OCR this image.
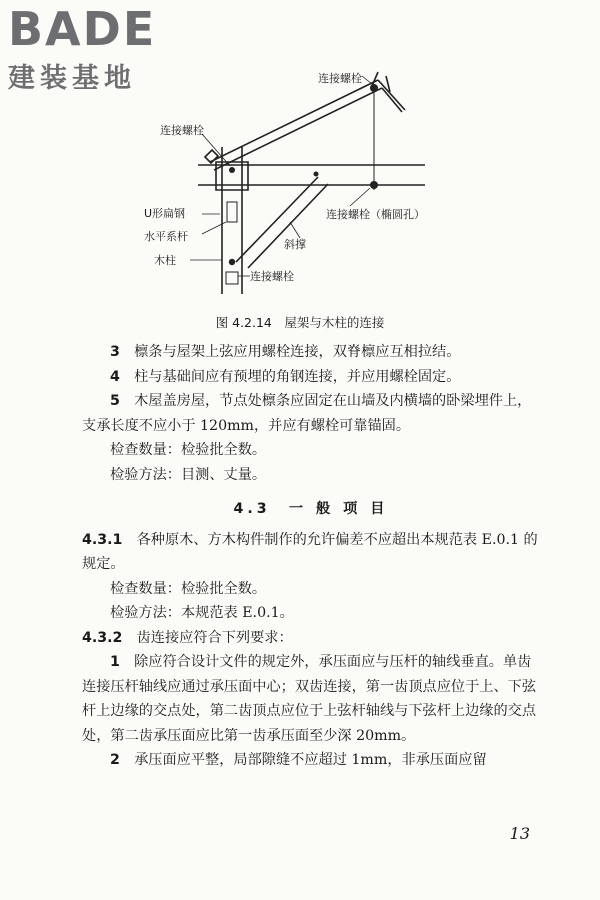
BADE
建装基地	连接螺栓
连接螺栓
U形扁钢
水平系杆
木柱
连接螺栓
斜撑
连接螺栓（椭圆孔）
图 4.2.14　屋架与木柱的连接

3　 檩条与屋架上弦应用螺栓连接，双脊檩应互相拉结。

4　 柱与基础间应有预埋的角钢连接，并应用螺栓固定。

5　 木屋盖房屋，节点处檩条应固定在山墙及内横墙的卧梁埋件上，支承长度不应小于 120mm，并应有螺栓可靠锚固。

检查数量：检验批全数。

检验方法：目测、丈量。

4.3　一 般 项 目

4.3.1　 各种原木、方木构件制作的允许偏差不应超出本规范表 E.0.1 的规定。

检查数量：检验批全数。

检验方法：本规范表 E.0.1。

4.3.2　 齿连接应符合下列要求：

1　 除应符合设计文件的规定外，承压面应与压杆的轴线垂直。单齿连接压杆轴线应通过承压面中心；双齿连接，第一齿顶点应位于上、下弦杆上边缘的交点处，第二齿顶点应位于上弦杆轴线与下弦杆上边缘的交点处，第二齿承压面应比第一齿承压面至少深 20mm。

2　 承压面应平整，局部隙缝不应超过 1mm，非承压面应留

13
